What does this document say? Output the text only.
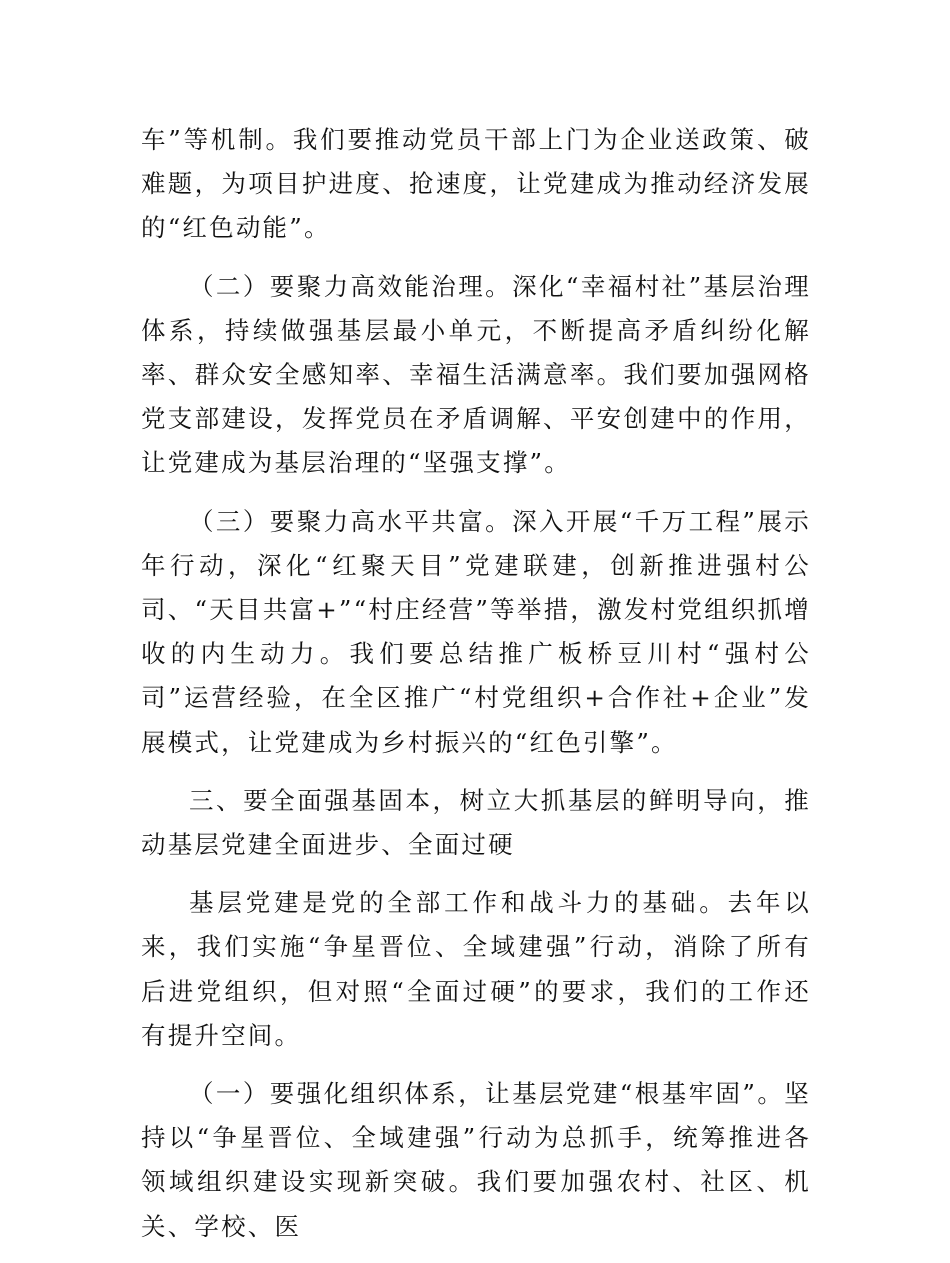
车”等机制。我们要推动党员干部上门为企业送政策、破难题，为项目护进度、抢速度，让党建成为推动经济发展的“红色动能”。

（二）要聚力高效能治理。深化“幸福村社”基层治理体系，持续做强基层最小单元，不断提高矛盾纠纷化解率、群众安全感知率、幸福生活满意率。我们要加强网格党支部建设，发挥党员在矛盾调解、平安创建中的作用，让党建成为基层治理的“坚强支撑”。

（三）要聚力高水平共富。深入开展“千万工程”展示年行动，深化“红聚天目”党建联建，创新推进强村公司、“天目共富+”“村庄经营”等举措，激发村党组织抓增收的内生动力。我们要总结推广板桥豆川村“强村公司”运营经验，在全区推广“村党组织+合作社+企业”发展模式，让党建成为乡村振兴的“红色引擎”。

三、要全面强基固本，树立大抓基层的鲜明导向，推动基层党建全面进步、全面过硬

基层党建是党的全部工作和战斗力的基础。去年以来，我们实施“争星晋位、全域建强”行动，消除了所有后进党组织，但对照“全面过硬”的要求，我们的工作还有提升空间。

（一）要强化组织体系，让基层党建“根基牢固”。坚持以“争星晋位、全域建强”行动为总抓手，统筹推进各领域组织建设实现新突破。我们要加强农村、社区、机关、学校、医
